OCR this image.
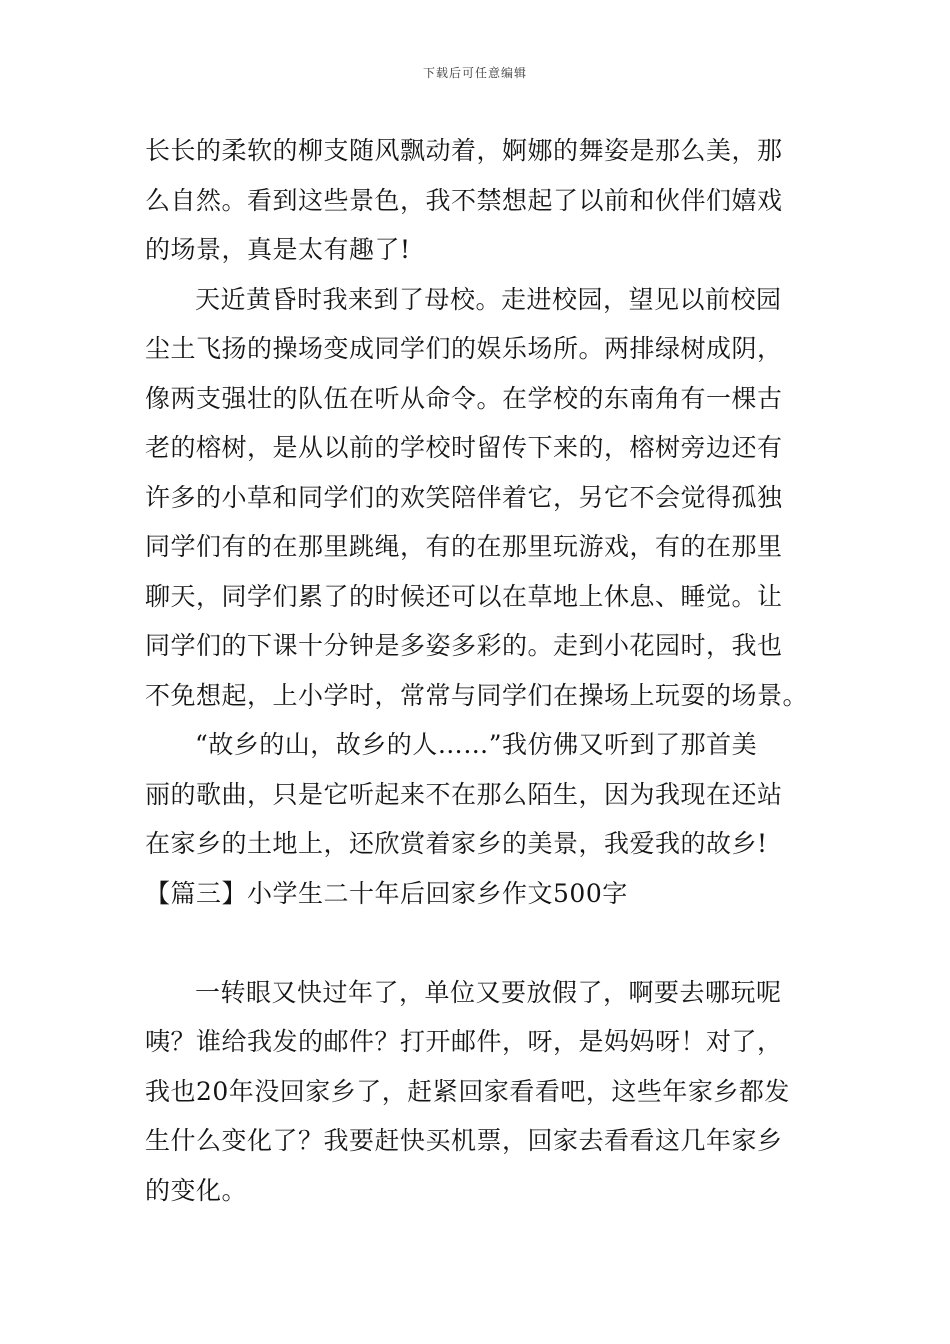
下载后可任意编辑
长长的柔软的柳支随风飘动着，婀娜的舞姿是那么美，那
么自然。看到这些景色，我不禁想起了以前和伙伴们嬉戏
的场景，真是太有趣了!
天近黄昏时我来到了母校。走进校园，望见以前校园
尘土飞扬的操场变成同学们的娱乐场所。两排绿树成阴，
像两支强壮的队伍在听从命令。在学校的东南角有一棵古
老的榕树，是从以前的学校时留传下来的，榕树旁边还有
许多的小草和同学们的欢笑陪伴着它，另它不会觉得孤独
同学们有的在那里跳绳，有的在那里玩游戏，有的在那里
聊天，同学们累了的时候还可以在草地上休息、睡觉。让
同学们的下课十分钟是多姿多彩的。走到小花园时，我也
不免想起，上小学时，常常与同学们在操场上玩耍的场景。
“故乡的山，故乡的人……”我仿佛又听到了那首美
丽的歌曲，只是它听起来不在那么陌生，因为我现在还站
在家乡的土地上，还欣赏着家乡的美景，我爱我的故乡!
【篇三】小学生二十年后回家乡作文500字
一转眼又快过年了，单位又要放假了，啊要去哪玩呢
咦？谁给我发的邮件？打开邮件，呀，是妈妈呀！对了，
我也20年没回家乡了，赶紧回家看看吧，这些年家乡都发
生什么变化了？我要赶快买机票，回家去看看这几年家乡
的变化。
